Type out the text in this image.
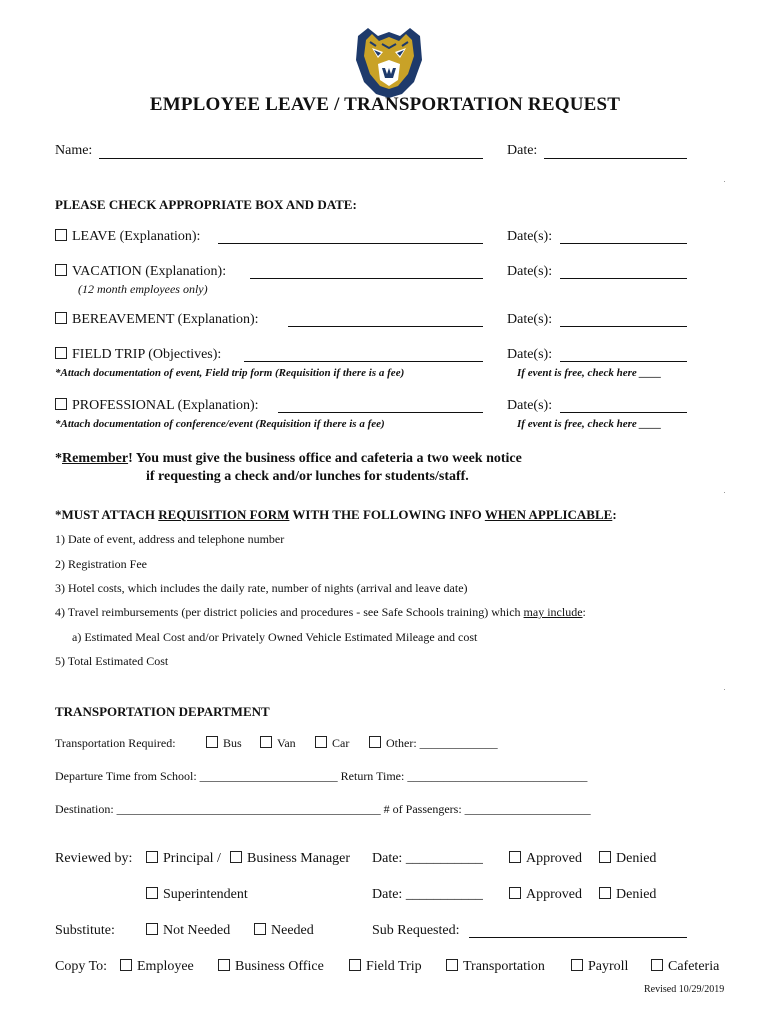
EMPLOYEE LEAVE / TRANSPORTATION REQUEST
Name:	Date:
PLEASE CHECK APPROPRIATE BOX AND DATE:
LEAVE (Explanation):	Date(s):
VACATION (Explanation):	Date(s):
(12 month employees only)
BEREAVEMENT (Explanation):	Date(s):
FIELD TRIP (Objectives):	Date(s):
*Attach documentation of event, Field trip form (Requisition if there is a fee)	If event is free, check here ____
PROFESSIONAL (Explanation):	Date(s):
*Attach documentation of conference/event (Requisition if there is a fee)	If event is free, check here ____
*Remember! You must give the business office and cafeteria a two week notice
if requesting a check and/or lunches for students/staff.
*MUST ATTACH REQUISITION FORM WITH THE FOLLOWING INFO WHEN APPLICABLE:
1) Date of event, address and telephone number
2) Registration Fee
3) Hotel costs, which includes the daily rate, number of nights (arrival and leave date)
4) Travel reimbursements (per district policies and procedures - see Safe Schools training) which may include:
a) Estimated Meal Cost and/or Privately Owned Vehicle Estimated Mileage and cost
5) Total Estimated Cost
TRANSPORTATION DEPARTMENT
Transportation Required:	Bus	Van	Car	Other: _____________
Departure Time from School: _______________________ Return Time: ______________________________
Destination: ____________________________________________ # of Passengers: _____________________
Reviewed by:	Principal /	Business Manager Date: ___________	Approved	Denied
Superintendent	Date: ___________	Approved	Denied
Substitute:	Not Needed	Needed	Sub Requested:
Copy To:	Employee	Business Office	Field Trip	Transportation	Payroll	Cafeteria
Revised 10/29/2019
